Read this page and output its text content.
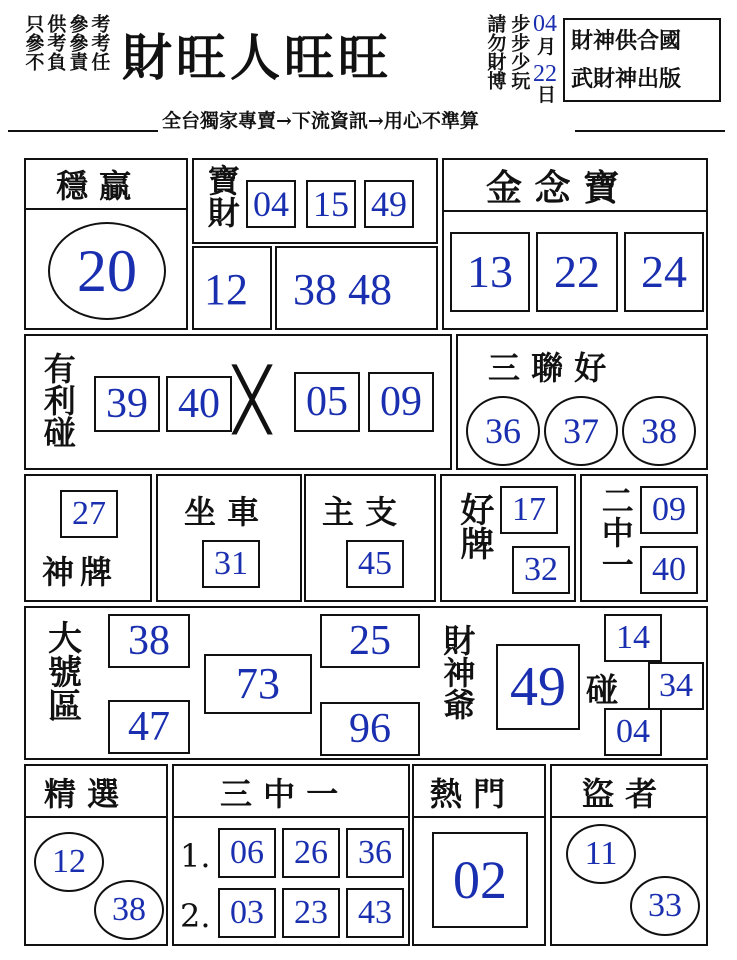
只參不 供考負 參參責 考考任 財旺人旺旺	請勿財博 步步少玩 04
月
22
日
財神供合國
武財神出版
全台獨家專賣→下流資訊→用心不準算
穩 贏
20
寶財 04 15 49
12 38 48
金 念 寶
13 22 24
有利碰 39 40 ╳ 05 09
三 聯 好
36	37	38
27
神牌
坐 車
31
主 支
45
好牌 17
32	二中一 09
40
大號區	38
47
73
25
96
財神爺 49 碰
14
34
04
精 選
12
38
三 中 一
1. 06 26 36
2. 03 23 43
熱 門
02
盜 者
11
33
